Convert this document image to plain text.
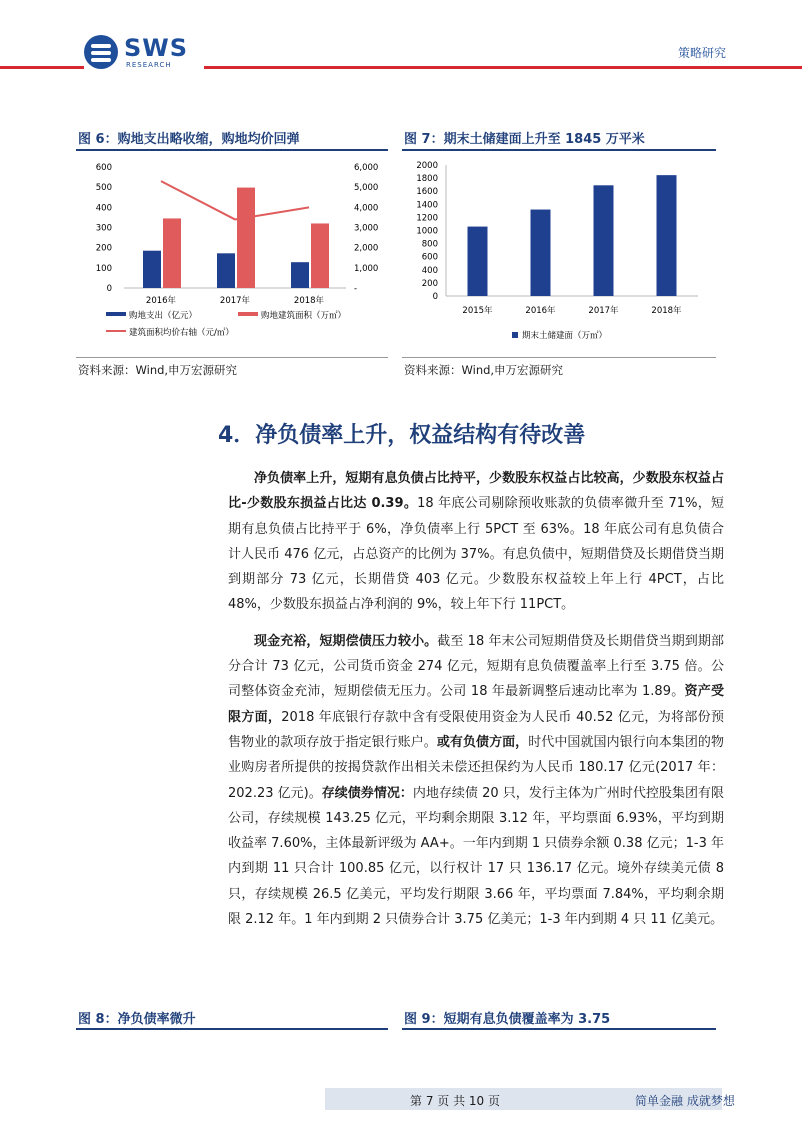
SWS
RESEARCH
策略研究
图 6：购地支出略收缩，购地均价回弹
600
500
400
300
200
100
0
6,000
5,000
4,000
3,000
2,000
1,000
-
2016年	2017年	2018年
购地支出（亿元）	购地建筑面积（万㎡）
建筑面积均价右轴（元/㎡）
资料来源：Wind,申万宏源研究
图 7：期末土储建面上升至 1845 万平米
2000
1800
1600
1400
1200
1000
800
600
400
200
0
2015年	2016年	2017年	2018年
期末土储建面（万㎡）
资料来源：Wind,申万宏源研究
4．净负债率上升，权益结构有待改善

净负债率上升，短期有息负债占比持平，少数股东权益占比较高，少数股东权益占比-少数股东损益占比达 0.39。18 年底公司剔除预收账款的负债率微升至 71%，短期有息负债占比持平于 6%，净负债率上行 5PCT 至 63%。18 年底公司有息负债合计人民币 476 亿元，占总资产的比例为 37%。有息负债中，短期借贷及长期借贷当期到期部分 73 亿元，长期借贷 403 亿元。少数股东权益较上年上行 4PCT，占比 48%，少数股东损益占净利润的 9%，较上年下行 11PCT。

现金充裕，短期偿债压力较小。截至 18 年末公司短期借贷及长期借贷当期到期部分合计 73 亿元，公司货币资金 274 亿元，短期有息负债覆盖率上行至 3.75 倍。公司整体资金充沛，短期偿债无压力。公司 18 年最新调整后速动比率为 1.89。资产受限方面，2018 年底银行存款中含有受限使用资金为人民币 40.52 亿元，为将部份预售物业的款项存放于指定银行账户。或有负债方面，时代中国就国内银行向本集团的物业购房者所提供的按揭贷款作出相关未偿还担保约为人民币 180.17 亿元(2017 年：202.23 亿元)。存续债券情况：内地存续债 20 只，发行主体为广州时代控股集团有限公司，存续规模 143.25 亿元，平均剩余期限 3.12 年，平均票面 6.93%，平均到期收益率 7.60%，主体最新评级为 AA+。一年内到期 1 只债券余额 0.38 亿元；1-3 年内到期 11 只合计 100.85 亿元，以行权计 17 只 136.17 亿元。境外存续美元债 8 只，存续规模 26.5 亿美元，平均发行期限 3.66 年，平均票面 7.84%，平均剩余期限 2.12 年。1 年内到期 2 只债券合计 3.75 亿美元；1-3 年内到期 4 只 11 亿美元。

图 8：净负债率微升	图 9：短期有息负债覆盖率为 3.75
第 7 页 共 10 页	简单金融 成就梦想
